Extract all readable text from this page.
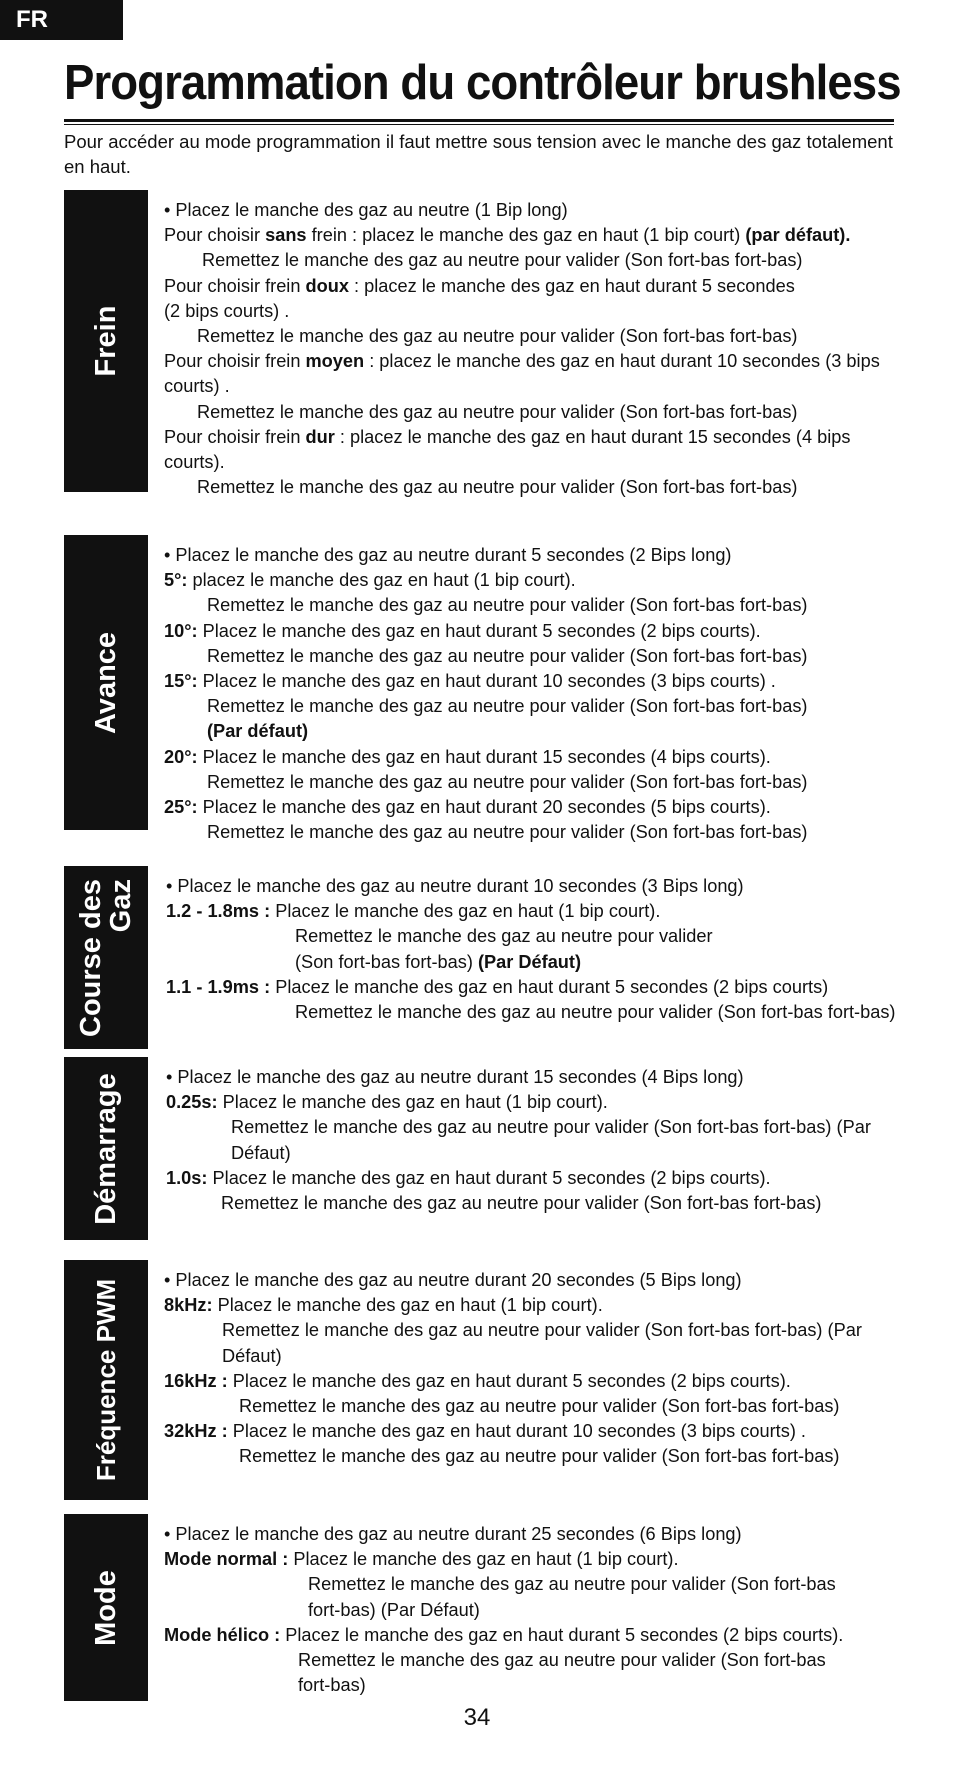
FR
Programmation du contrôleur brushless
Pour accéder au mode programmation il faut mettre sous tension avec le manche des gaz totalement en haut.
Frein
• Placez le manche des gaz au neutre (1 Bip long)
Pour choisir sans frein : placez le manche des gaz en haut (1 bip court) (par défaut).
Remettez le manche des gaz au neutre pour valider (Son fort-bas fort-bas)
Pour choisir frein doux : placez le manche des gaz en haut durant 5 secondes
(2 bips courts) .
Remettez le manche des gaz au neutre pour valider (Son fort-bas fort-bas)
Pour choisir frein moyen : placez le manche des gaz en haut durant 10 secondes (3 bips courts) .
Remettez le manche des gaz au neutre pour valider (Son fort-bas fort-bas)
Pour choisir frein dur : placez le manche des gaz en haut durant 15 secondes (4 bips courts).
Remettez le manche des gaz au neutre pour valider (Son fort-bas fort-bas)
Avance
• Placez le manche des gaz au neutre durant 5 secondes (2 Bips long)
5°: placez le manche des gaz en haut (1 bip court).
Remettez le manche des gaz au neutre pour valider (Son fort-bas fort-bas)
10°: Placez le manche des gaz en haut durant 5 secondes (2 bips courts).
Remettez le manche des gaz au neutre pour valider (Son fort-bas fort-bas)
15°: Placez le manche des gaz en haut durant 10 secondes (3 bips courts) .
Remettez le manche des gaz au neutre pour valider (Son fort-bas fort-bas)
(Par défaut)
20°: Placez le manche des gaz en haut durant 15 secondes (4 bips courts).
Remettez le manche des gaz au neutre pour valider (Son fort-bas fort-bas)
25°: Placez le manche des gaz en haut durant 20 secondes (5 bips courts).
Remettez le manche des gaz au neutre pour valider (Son fort-bas fort-bas)
Course des
Gaz • Placez le manche des gaz au neutre durant 10 secondes (3 Bips long)
1.2 - 1.8ms : Placez le manche des gaz en haut (1 bip court).
Remettez le manche des gaz au neutre pour valider
(Son fort-bas fort-bas) (Par Défaut)
1.1 - 1.9ms : Placez le manche des gaz en haut durant 5 secondes (2 bips courts)
Remettez le manche des gaz au neutre pour valider (Son fort-bas fort-bas)
Démarrage • Placez le manche des gaz au neutre durant 15 secondes (4 Bips long)
0.25s: Placez le manche des gaz en haut (1 bip court).
Remettez le manche des gaz au neutre pour valider (Son fort-bas fort-bas) (Par Défaut)
1.0s: Placez le manche des gaz en haut durant 5 secondes (2 bips courts).
Remettez le manche des gaz au neutre pour valider (Son fort-bas fort-bas)
Fréquence PWM • Placez le manche des gaz au neutre durant 20 secondes (5 Bips long)
8kHz: Placez le manche des gaz en haut (1 bip court).
Remettez le manche des gaz au neutre pour valider (Son fort-bas fort-bas) (Par Défaut)
16kHz : Placez le manche des gaz en haut durant 5 secondes (2 bips courts).
Remettez le manche des gaz au neutre pour valider (Son fort-bas fort-bas)
32kHz : Placez le manche des gaz en haut durant 10 secondes (3 bips courts) .
Remettez le manche des gaz au neutre pour valider (Son fort-bas fort-bas)
Mode
• Placez le manche des gaz au neutre durant 25 secondes (6 Bips long)
Mode normal : Placez le manche des gaz en haut (1 bip court).
Remettez le manche des gaz au neutre pour valider (Son fort-bas fort-bas) (Par Défaut)
Mode hélico : Placez le manche des gaz en haut durant 5 secondes (2 bips courts).
Remettez le manche des gaz au neutre pour valider (Son fort-bas fort-bas)
34
